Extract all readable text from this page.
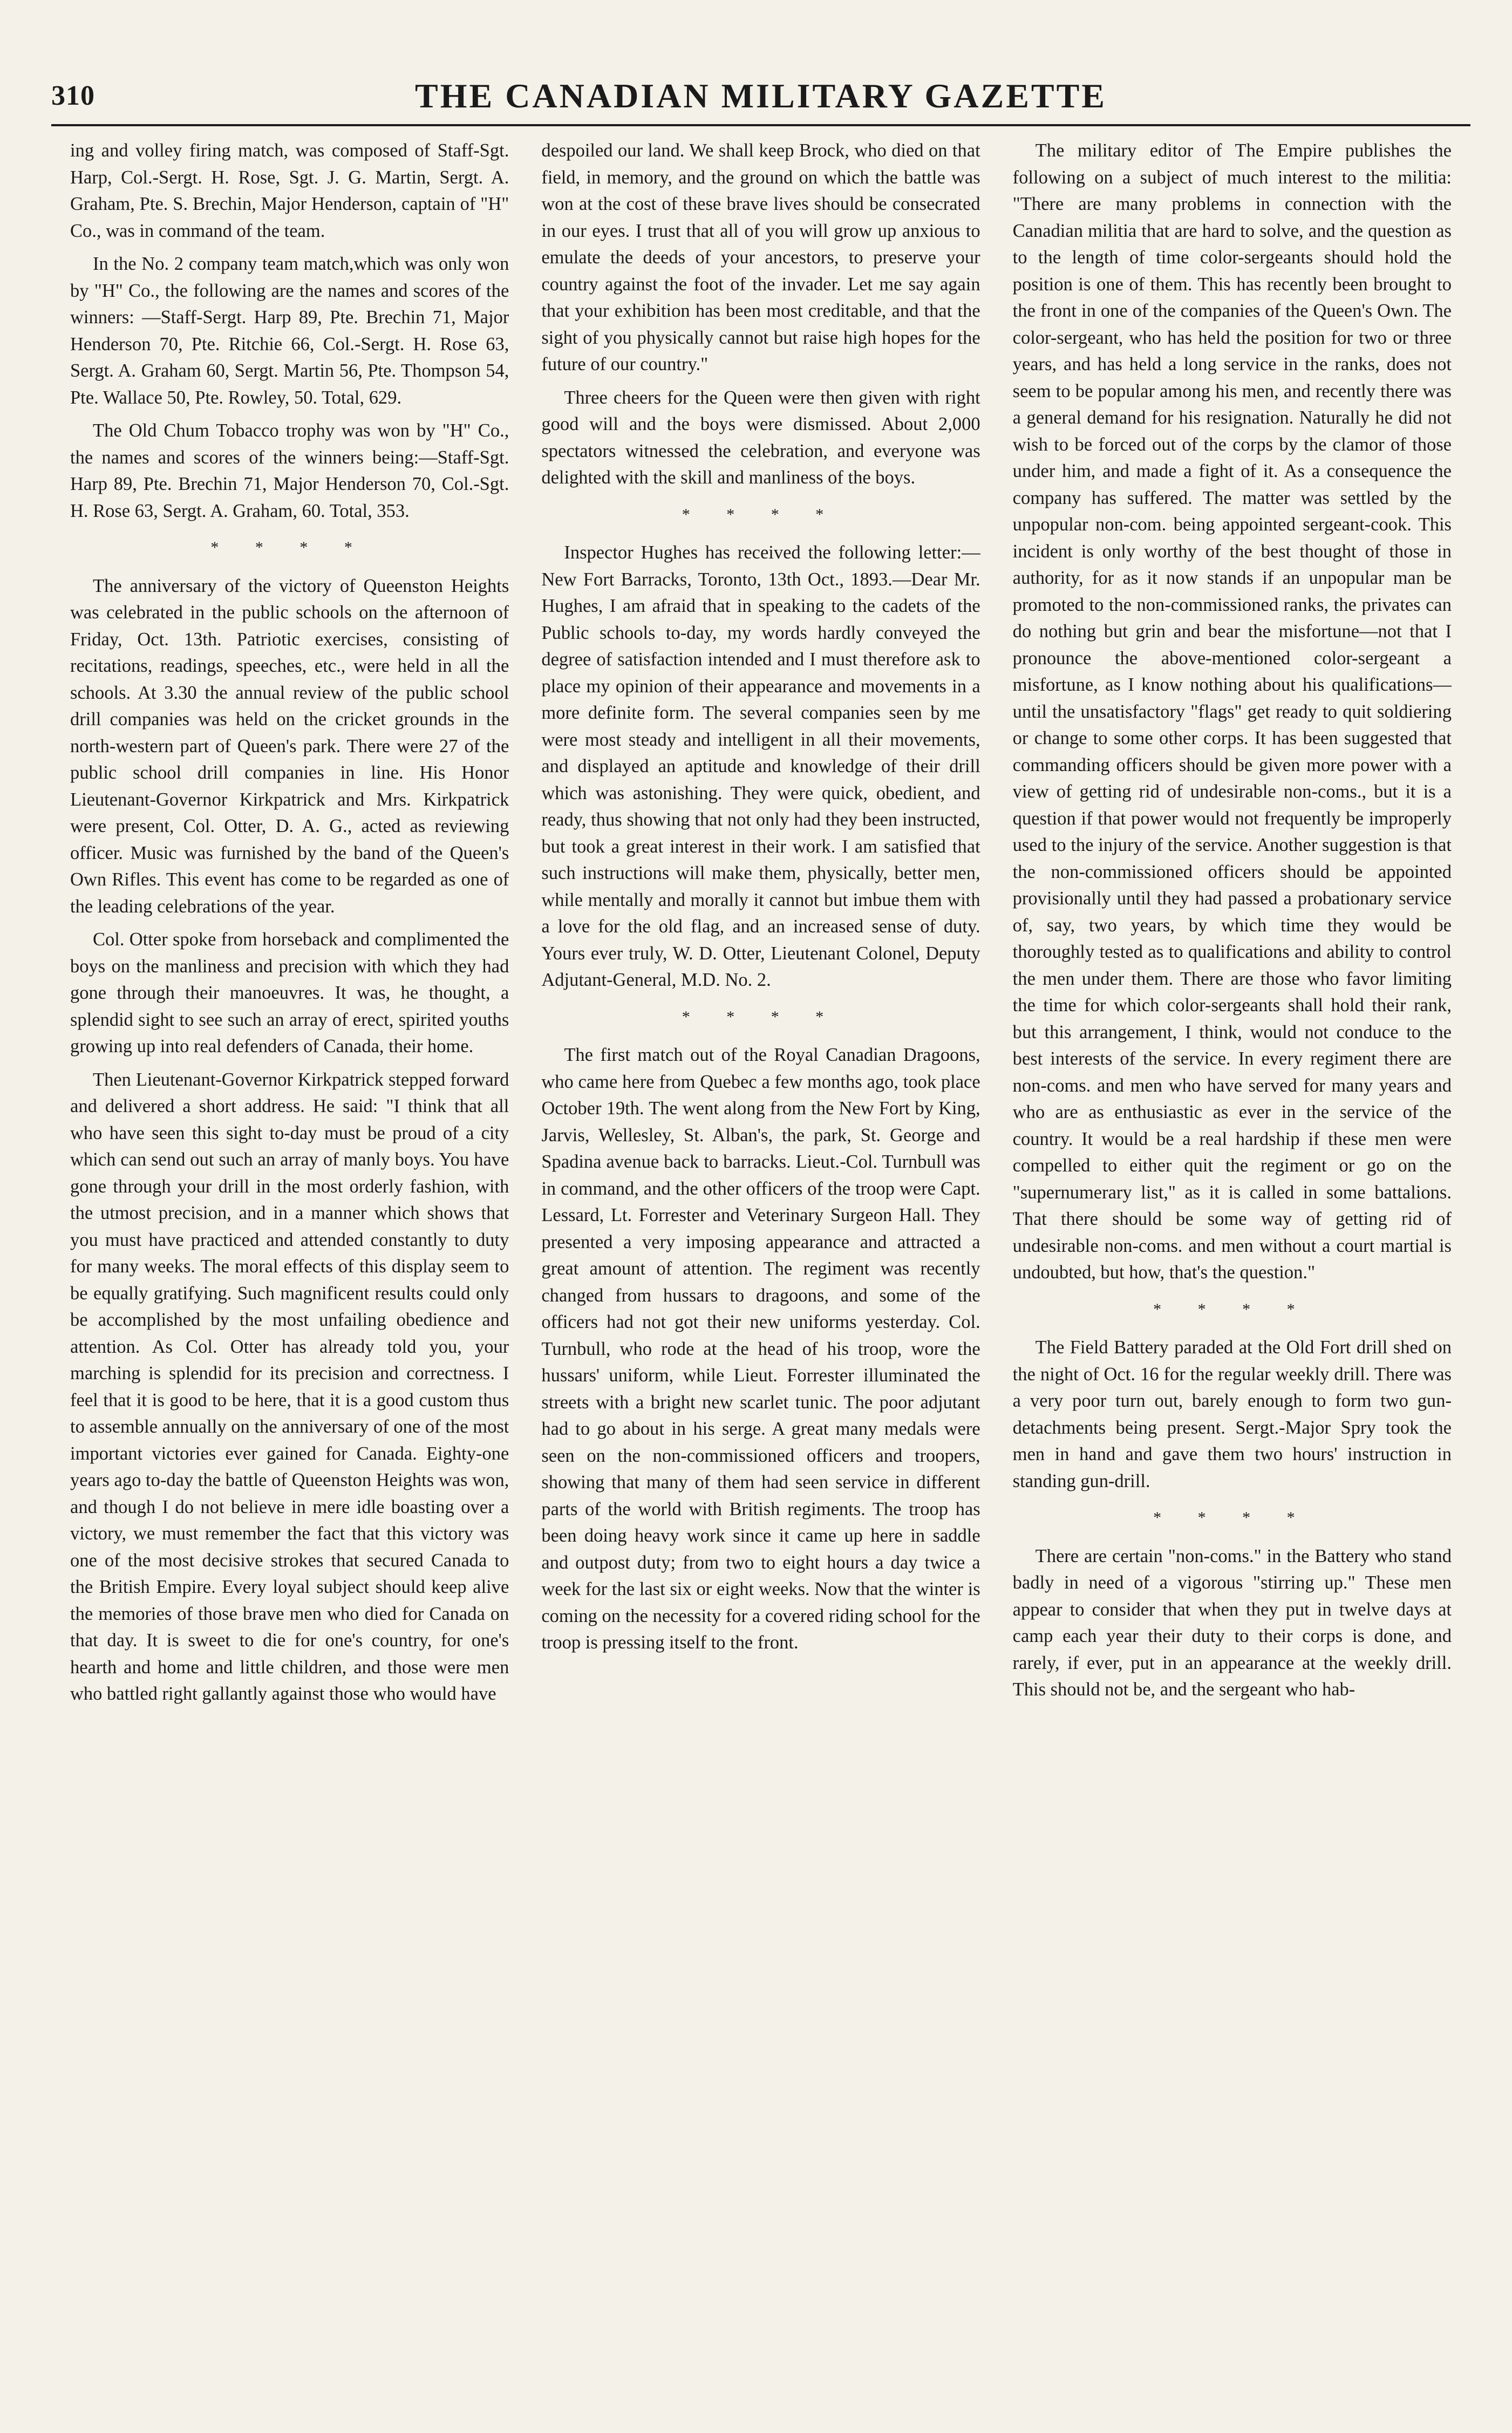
310	THE CANADIAN MILITARY GAZETTE

ing and volley firing match, was composed of Staff-Sgt. Harp, Col.-Sergt. H. Rose, Sgt. J. G. Martin, Sergt. A. Graham, Pte. S. Brechin, Major Henderson, captain of "H" Co., was in command of the team.

In the No. 2 company team match,which was only won by "H" Co., the following are the names and scores of the winners: —Staff-Sergt. Harp 89, Pte. Brechin 71, Major Henderson 70, Pte. Ritchie 66, Col.-Sergt. H. Rose 63, Sergt. A. Graham 60, Sergt. Martin 56, Pte. Thompson 54, Pte. Wallace 50, Pte. Rowley, 50. Total, 629.

The Old Chum Tobacco trophy was won by "H" Co., the names and scores of the winners being:—Staff-Sgt. Harp 89, Pte. Brechin 71, Major Henderson 70, Col.-Sgt. H. Rose 63, Sergt. A. Graham, 60. Total, 353.

* * * *

The anniversary of the victory of Queenston Heights was celebrated in the public schools on the afternoon of Friday, Oct. 13th. Patriotic exercises, consisting of recitations, readings, speeches, etc., were held in all the schools. At 3.30 the annual review of the public school drill companies was held on the cricket grounds in the north-western part of Queen's park. There were 27 of the public school drill companies in line. His Honor Lieutenant-Governor Kirkpatrick and Mrs. Kirkpatrick were present, Col. Otter, D. A. G., acted as reviewing officer. Music was furnished by the band of the Queen's Own Rifles. This event has come to be regarded as one of the leading celebrations of the year.

Col. Otter spoke from horseback and complimented the boys on the manliness and precision with which they had gone through their manoeuvres. It was, he thought, a splendid sight to see such an array of erect, spirited youths growing up into real defenders of Canada, their home.

Then Lieutenant-Governor Kirkpatrick stepped forward and delivered a short address. He said: "I think that all who have seen this sight to-day must be proud of a city which can send out such an array of manly boys. You have gone through your drill in the most orderly fashion, with the utmost precision, and in a manner which shows that you must have practiced and attended constantly to duty for many weeks. The moral effects of this display seem to be equally gratifying. Such magnificent results could only be accomplished by the most unfailing obedience and attention. As Col. Otter has already told you, your marching is splendid for its precision and correctness. I feel that it is good to be here, that it is a good custom thus to assemble annually on the anniversary of one of the most important victories ever gained for Canada. Eighty-one years ago to-day the battle of Queenston Heights was won, and though I do not believe in mere idle boasting over a victory, we must remember the fact that this victory was one of the most decisive strokes that secured Canada to the British Empire. Every loyal subject should keep alive the memories of those brave men who died for Canada on that day. It is sweet to die for one's country, for one's hearth and home and little children, and those were men who battled right gallantly against those who would have

despoiled our land. We shall keep Brock, who died on that field, in memory, and the ground on which the battle was won at the cost of these brave lives should be consecrated in our eyes. I trust that all of you will grow up anxious to emulate the deeds of your ancestors, to preserve your country against the foot of the invader. Let me say again that your exhibition has been most creditable, and that the sight of you physically cannot but raise high hopes for the future of our country."

Three cheers for the Queen were then given with right good will and the boys were dismissed. About 2,000 spectators witnessed the celebration, and everyone was delighted with the skill and manliness of the boys.

* * * *

Inspector Hughes has received the following letter:—New Fort Barracks, Toronto, 13th Oct., 1893.—Dear Mr. Hughes, I am afraid that in speaking to the cadets of the Public schools to-day, my words hardly conveyed the degree of satisfaction intended and I must therefore ask to place my opinion of their appearance and movements in a more definite form. The several companies seen by me were most steady and intelligent in all their movements, and displayed an aptitude and knowledge of their drill which was astonishing. They were quick, obedient, and ready, thus showing that not only had they been instructed, but took a great interest in their work. I am satisfied that such instructions will make them, physically, better men, while mentally and morally it cannot but imbue them with a love for the old flag, and an increased sense of duty. Yours ever truly, W. D. Otter, Lieutenant Colonel, Deputy Adjutant-General, M.D. No. 2.

* * * *

The first match out of the Royal Canadian Dragoons, who came here from Quebec a few months ago, took place October 19th. The went along from the New Fort by King, Jarvis, Wellesley, St. Alban's, the park, St. George and Spadina avenue back to barracks. Lieut.-Col. Turnbull was in command, and the other officers of the troop were Capt. Lessard, Lt. Forrester and Veterinary Surgeon Hall. They presented a very imposing appearance and attracted a great amount of attention. The regiment was recently changed from hussars to dragoons, and some of the officers had not got their new uniforms yesterday. Col. Turnbull, who rode at the head of his troop, wore the hussars' uniform, while Lieut. Forrester illuminated the streets with a bright new scarlet tunic. The poor adjutant had to go about in his serge. A great many medals were seen on the non-commissioned officers and troopers, showing that many of them had seen service in different parts of the world with British regiments. The troop has been doing heavy work since it came up here in saddle and outpost duty; from two to eight hours a day twice a week for the last six or eight weeks. Now that the winter is coming on the necessity for a covered riding school for the troop is pressing itself to the front.

The military editor of The Empire publishes the following on a subject of much interest to the militia: "There are many problems in connection with the Canadian militia that are hard to solve, and the question as to the length of time color-sergeants should hold the position is one of them. This has recently been brought to the front in one of the companies of the Queen's Own. The color-sergeant, who has held the position for two or three years, and has held a long service in the ranks, does not seem to be popular among his men, and recently there was a general demand for his resignation. Naturally he did not wish to be forced out of the corps by the clamor of those under him, and made a fight of it. As a consequence the company has suffered. The matter was settled by the unpopular non-com. being appointed sergeant-cook. This incident is only worthy of the best thought of those in authority, for as it now stands if an unpopular man be promoted to the non-commissioned ranks, the privates can do nothing but grin and bear the misfortune—not that I pronounce the above-mentioned color-sergeant a misfortune, as I know nothing about his qualifications—until the unsatisfactory "flags" get ready to quit soldiering or change to some other corps. It has been suggested that commanding officers should be given more power with a view of getting rid of undesirable non-coms., but it is a question if that power would not frequently be improperly used to the injury of the service. Another suggestion is that the non-commissioned officers should be appointed provisionally until they had passed a probationary service of, say, two years, by which time they would be thoroughly tested as to qualifications and ability to control the men under them. There are those who favor limiting the time for which color-sergeants shall hold their rank, but this arrangement, I think, would not conduce to the best interests of the service. In every regiment there are non-coms. and men who have served for many years and who are as enthusiastic as ever in the service of the country. It would be a real hardship if these men were compelled to either quit the regiment or go on the "supernumerary list," as it is called in some battalions. That there should be some way of getting rid of undesirable non-coms. and men without a court martial is undoubted, but how, that's the question."

* * * *

The Field Battery paraded at the Old Fort drill shed on the night of Oct. 16 for the regular weekly drill. There was a very poor turn out, barely enough to form two gun-detachments being present. Sergt.-Major Spry took the men in hand and gave them two hours' instruction in standing gun-drill.

* * * *

There are certain "non-coms." in the Battery who stand badly in need of a vigorous "stirring up." These men appear to consider that when they put in twelve days at camp each year their duty to their corps is done, and rarely, if ever, put in an appearance at the weekly drill. This should not be, and the sergeant who hab-
